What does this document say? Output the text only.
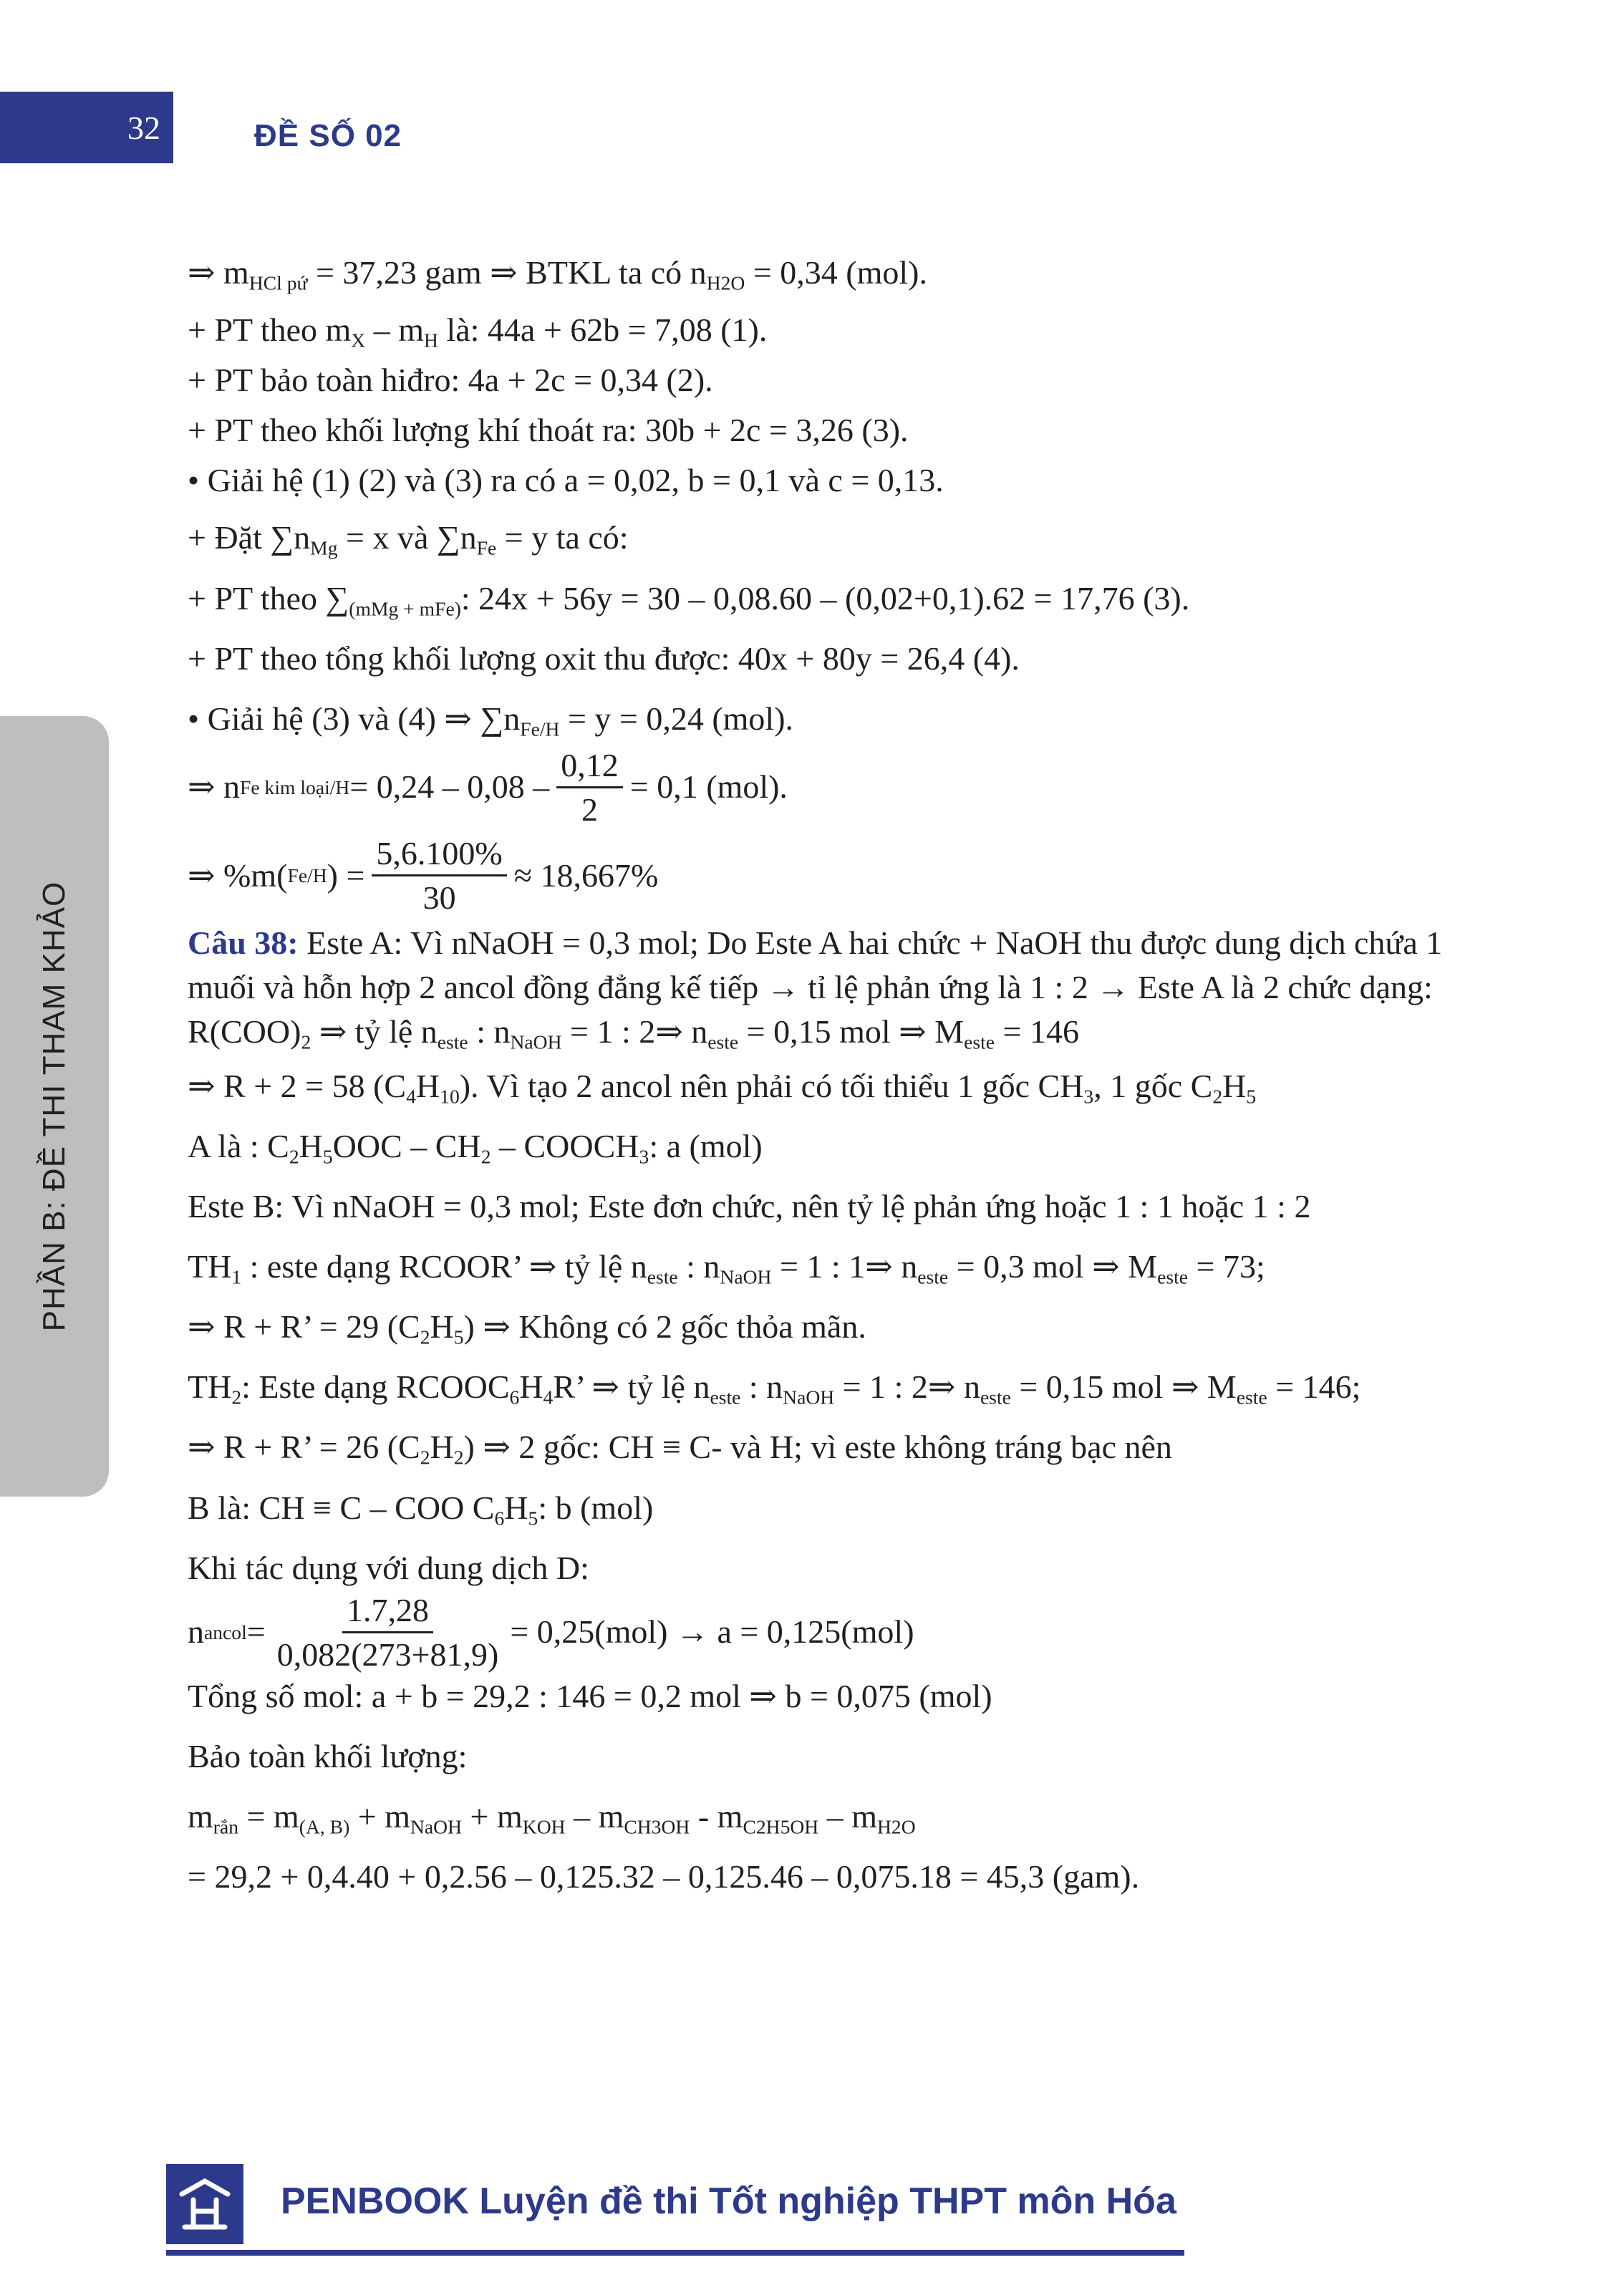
32	ĐỀ SỐ 02
PHẦN B: ĐỀ THI THAM KHẢO

⇒ $m_{HCl pứ} = 37,23$ gam ⇒ BTKL ta có $n_{H2O} = 0,34$ (mol).

+ PT theo $m_X - m_H$ là: 44a + 62b = 7,08 (1).

+ PT bảo toàn hiđro: 4a + 2c = 0,34 (2).

+ PT theo khối lượng khí thoát ra: 30b + 2c = 3,26 (3).

• Giải hệ (1) (2) và (3) ra có a = 0,02, b = 0,1 và c = 0,13.

+ Đặt $\sum n_{Mg} = x$ và $\sum n_{Fe} = y$ ta có:

+ PT theo $\sum_{(mMg + mFe)}$: 24x + 56y = 30 – 0,08.60 – (0,02+0,1).62 = 17,76 (3).

+ PT theo tổng khối lượng oxit thu được: 40x + 80y = 26,4 (4).

• Giải hệ (3) và (4) ⇒ $\sum n_{Fe/H} = y = 0,24$ (mol).

⇒ n Fe kim loại/H = $0,24 - 0,08 - \frac{0,12}{2} = 0,1$ (mol).
⇒ %m( Fe/H ) = $\frac{5,6.100\%}{30} \approx 18,667\%$

Câu 38: Este A: Vì nNaOH = 0,3 mol; Do Este A hai chức + NaOH thu được dung dịch chứa 1 muối và hỗn hợp 2 ancol đồng đẳng kế tiếp → tỉ lệ phản ứng là 1 : 2 → Este A là 2 chức dạng: $R(COO)_2$ ⇒ tỷ lệ $n_{este}$ : $n_{NaOH} = 1$ : 2⇒ $n_{este} = 0,15$ mol ⇒ $M_{este} = 146$

⇒ R + 2 = 58 $(C_4H_{10})$. Vì tạo 2 ancol nên phải có tối thiểu 1 gốc $CH_3$, 1 gốc $C_2H_5$

A là : $C_2H_5OOC - CH_2$ – $COOCH_3$: a (mol)

Este B: Vì nNaOH = 0,3 mol; Este đơn chức, nên tỷ lệ phản ứng hoặc 1 : 1 hoặc 1 : 2

$TH_1$ : este dạng RCOOR’ ⇒ tỷ lệ $n_{este}$ : $n_{NaOH} = 1$ : 1⇒ $n_{este} = 0,3$ mol ⇒ $M_{este} = 73$;

⇒ R + R’ = 29 $(C_2H_5)$ ⇒ Không có 2 gốc thỏa mãn.

$TH_2$: Este dạng $RCOOC_6H_4R$’ ⇒ tỷ lệ $n_{este}$ : $n_{NaOH} = 1$ : 2⇒ $n_{este} = 0,15$ mol ⇒ $M_{este} = 146$;

⇒ R + R’ = 26 $(C_2H_2)$ ⇒ 2 gốc: CH ≡ C- và H; vì este không tráng bạc nên

B là: CH ≡ C – COO $C_6H_5$: b (mol)

Khi tác dụng với dung dịch D:

n ancol = $\frac{1.7,28}{0,082(273+81,9)} = 0,25(mol) \to a = 0,125(mol)$

Tổng số mol: a + b = 29,2 : 146 = 0,2 mol ⇒ b = 0,075 (mol)

Bảo toàn khối lượng:

$m_{rắn} = m_{(A, B)} + m_{NaOH} + m_{KOH} - m_{CH3OH} - m_{C2H5OH} - m_{H2O}$

= 29,2 + 0,4.40 + 0,2.56 – 0,125.32 – 0,125.46 – 0,075.18 = 45,3 (gam).

PENBOOK Luyện đề thi Tốt nghiệp THPT môn Hóa
